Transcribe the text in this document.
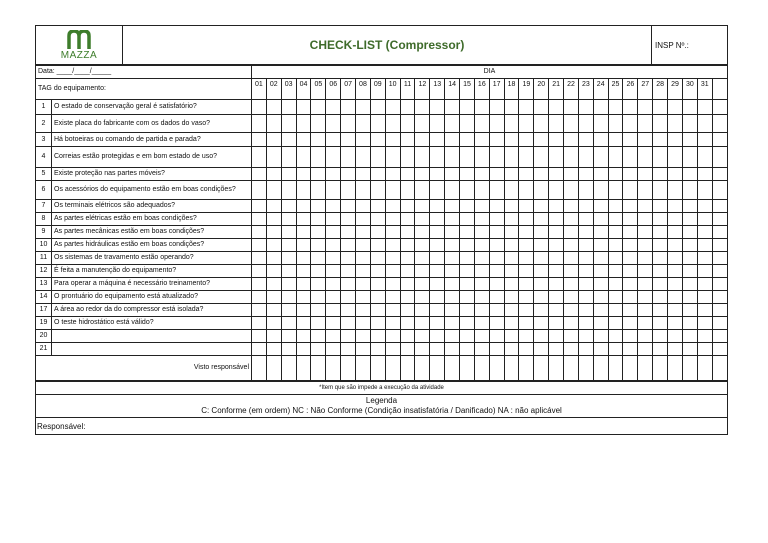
MAZZA
	CHECK-LIST (Compressor)	INSP Nº.:
Data: ____/____/_____		DIA																															
TAG do equipamento:		01	02	03	04	05	06	07	08	09	10	11	12	13	14	15	16	17	18	19	20	21	22	23	24	25	26	27	28	29	30	31	
1	O estado de conservação geral é satisfatório?																																
2	Existe placa do fabricante com os dados do vaso?																																
3	Há botoeiras ou comando de partida e parada?																																
4	Correias estão protegidas e em bom estado de uso?																																
5	Existe proteção nas partes móveis?																																
6	Os acessórios do equipamento estão em boas condições?																																
7	Os terminais elétricos são adequados?																																
8	As partes elétricas estão em boas condições?																																
9	As partes mecânicas estão em boas condições?																																
10	As partes hidráulicas estão em boas condições?																																
11	Os sistemas de travamento estão operando?																																
12	É feita a manutenção do equipamento?																																
13	Para operar a máquina é necessário treinamento?																																
14	O prontuário do equipamento está atualizado?																																
17	A área ao redor da do compressor está isolada?																																
19	O teste hidrostático está válido?																																
20																																	
21																																	
Visto responsável																																	
*Item que são impede a execução da atividade
Legenda
C: Conforme (em ordem) NC : Não Conforme (Condição insatisfatória / Danificado) NA : não aplicável
Responsável:
